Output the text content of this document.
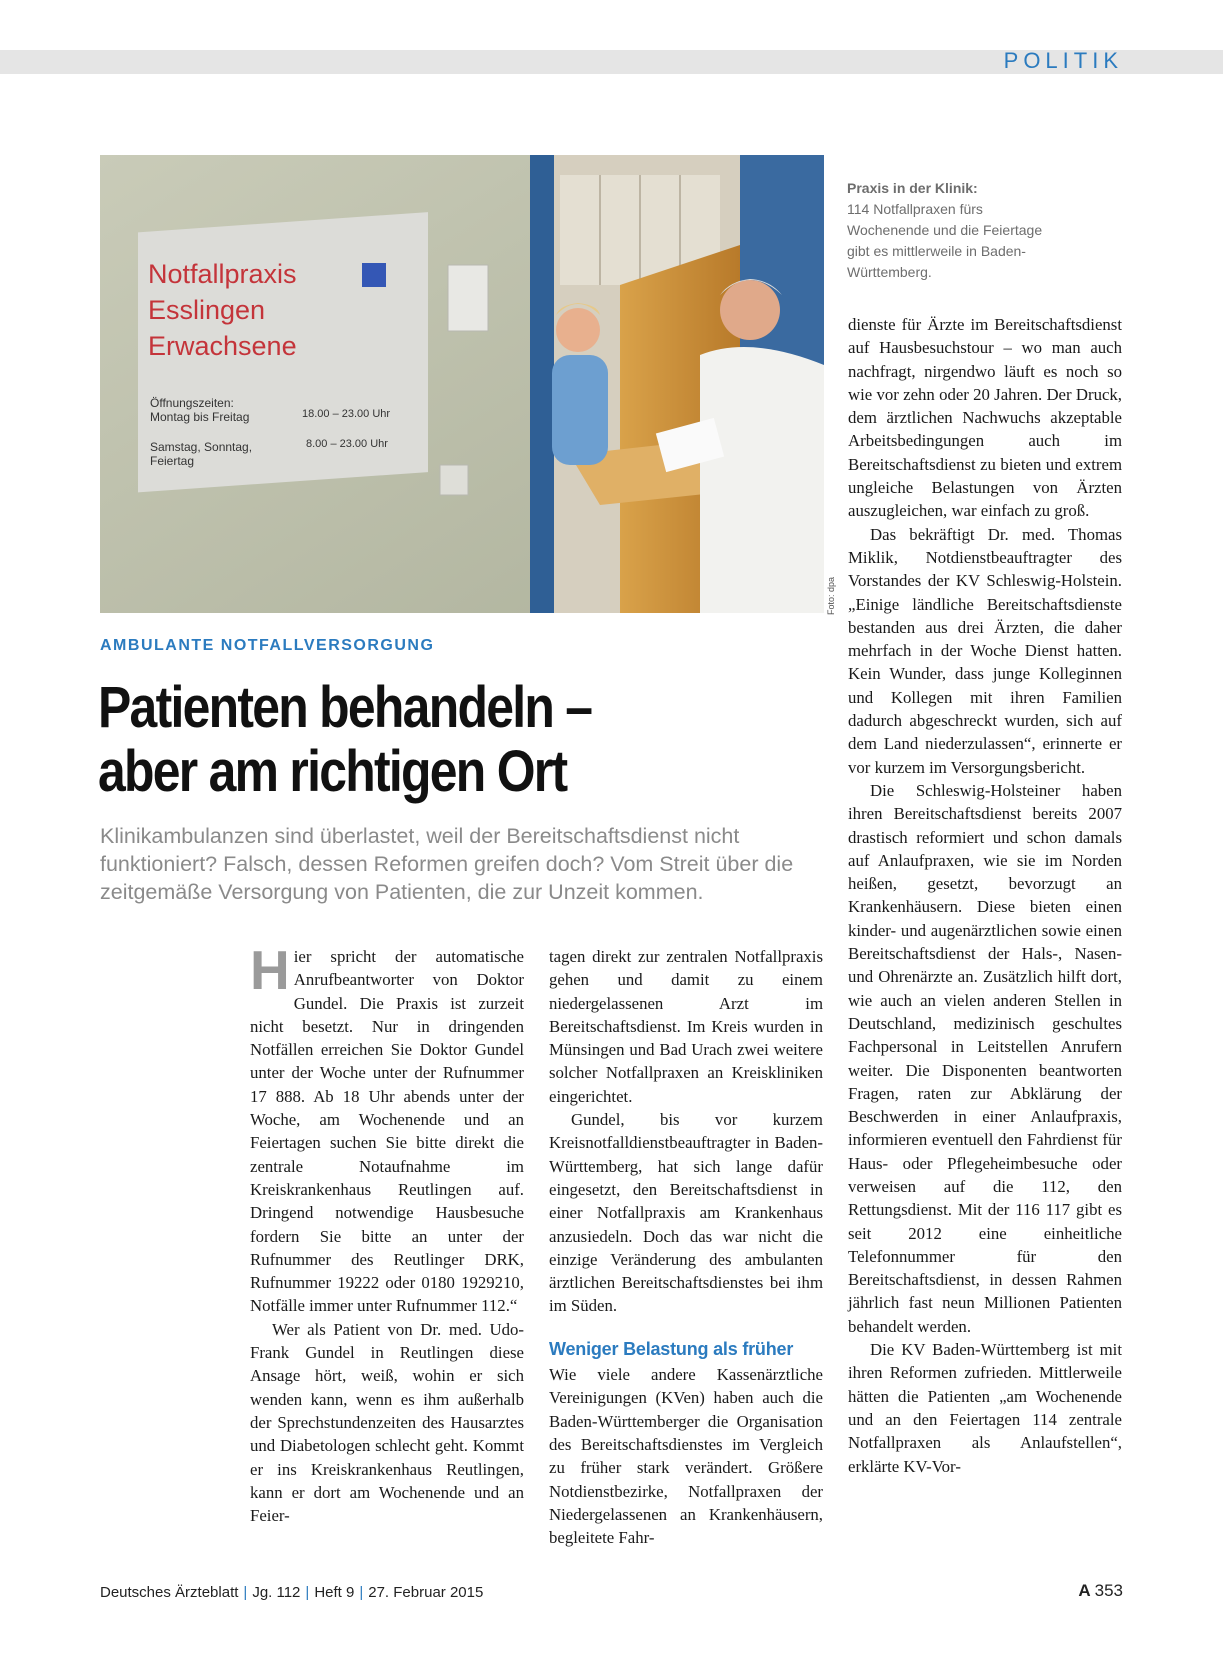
POLITIK
Notfallpraxis
Esslingen
Erwachsene
Öffnungszeiten:
Montag bis Freitag	18.00 – 23.00 Uhr
Samstag, Sonntag,
Feiertag
8.00 – 23.00 Uhr
Foto: dpa
Praxis in der Klinik:
114 Notfallpraxen fürs Wochenende und die Feiertage gibt es mittlerweile in Baden-Württemberg.
AMBULANTE NOTFALLVERSORGUNG
Patienten behandeln –
aber am richtigen Ort
Klinikambulanzen sind überlastet, weil der Bereitschaftsdienst nicht funktioniert? Falsch, dessen Reformen greifen doch? Vom Streit über die zeitgemäße Versorgung von Patienten, die zur Unzeit kommen.

Hier spricht der automatische Anrufbeantworter von Doktor Gundel. Die Praxis ist zurzeit nicht besetzt. Nur in dringenden Notfällen erreichen Sie Doktor Gundel unter der Woche unter der Rufnummer 17 888. Ab 18 Uhr abends unter der Woche, am Wochenende und an Feiertagen suchen Sie bitte direkt die zentrale Notaufnahme im Kreiskrankenhaus Reutlingen auf. Dringend notwendige Hausbesuche fordern Sie bitte an unter der Rufnummer des Reutlinger DRK, Rufnummer 19222 oder 0180 1929210, Notfälle immer unter Rufnummer 112.“

Wer als Patient von Dr. med. Udo-Frank Gundel in Reutlingen diese Ansage hört, weiß, wohin er sich wenden kann, wenn es ihm außerhalb der Sprechstundenzeiten des Hausarztes und Diabetologen schlecht geht. Kommt er ins Kreiskrankenhaus Reutlingen, kann er dort am Wochenende und an Feier-

tagen direkt zur zentralen Notfallpraxis gehen und damit zu einem niedergelassenen Arzt im Bereitschaftsdienst. Im Kreis wurden in Münsingen und Bad Urach zwei weitere solcher Notfallpraxen an Kreiskliniken eingerichtet.

Gundel, bis vor kurzem Kreisnotfalldienstbeauftragter in Baden-Württemberg, hat sich lange dafür eingesetzt, den Bereitschaftsdienst in einer Notfallpraxis am Krankenhaus anzusiedeln. Doch das war nicht die einzige Veränderung des ambulanten ärztlichen Bereitschaftsdienstes bei ihm im Süden.

Weniger Belastung als früher

Wie viele andere Kassenärztliche Vereinigungen (KVen) haben auch die Baden-Württemberger die Organisation des Bereitschaftsdienstes im Vergleich zu früher stark verändert. Größere Notdienstbezirke, Notfallpraxen der Niedergelassenen an Krankenhäusern, begleitete Fahr-

dienste für Ärzte im Bereitschaftsdienst auf Hausbesuchstour – wo man auch nachfragt, nirgendwo läuft es noch so wie vor zehn oder 20 Jahren. Der Druck, dem ärztlichen Nachwuchs akzeptable Arbeitsbedingungen auch im Bereitschaftsdienst zu bieten und extrem ungleiche Belastungen von Ärzten auszugleichen, war einfach zu groß.

Das bekräftigt Dr. med. Thomas Miklik, Notdienstbeauftragter des Vorstandes der KV Schleswig-Holstein. „Einige ländliche Bereitschaftsdienste bestanden aus drei Ärzten, die daher mehrfach in der Woche Dienst hatten. Kein Wunder, dass junge Kolleginnen und Kollegen mit ihren Familien dadurch abgeschreckt wurden, sich auf dem Land niederzulassen“, erinnerte er vor kurzem im Versorgungsbericht.

Die Schleswig-Holsteiner haben ihren Bereitschaftsdienst bereits 2007 drastisch reformiert und schon damals auf Anlaufpraxen, wie sie im Norden heißen, gesetzt, bevorzugt an Krankenhäusern. Diese bieten einen kinder- und augenärztlichen sowie einen Bereitschaftsdienst der Hals-, Nasen- und Ohrenärzte an. Zusätzlich hilft dort, wie auch an vielen anderen Stellen in Deutschland, medizinisch geschultes Fachpersonal in Leitstellen Anrufern weiter. Die Disponenten beantworten Fragen, raten zur Abklärung der Beschwerden in einer Anlaufpraxis, informieren eventuell den Fahrdienst für Haus- oder Pflegeheimbesuche oder verweisen auf die 112, den Rettungsdienst. Mit der 116 117 gibt es seit 2012 eine einheitliche Telefonnummer für den Bereitschaftsdienst, in dessen Rahmen jährlich fast neun Millionen Patienten behandelt werden.

Die KV Baden-Württemberg ist mit ihren Reformen zufrieden. Mittlerweile hätten die Patienten „am Wochenende und an den Feiertagen 114 zentrale Notfallpraxen als Anlaufstellen“, erklärte KV-Vor-

Deutsches Ärzteblatt | Jg. 112 | Heft 9 | 27. Februar 2015	A 353
